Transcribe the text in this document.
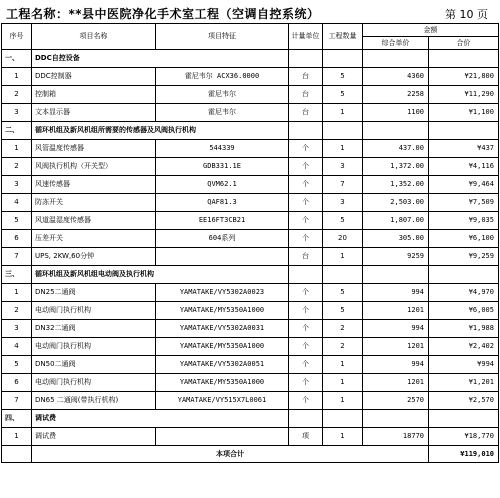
工程名称：**县中医院净化手术室工程（空调自控系统）	第 10 页
序号	项目名称	项目特征	计量单位	工程数量	金额	
					综合单价	合价
一、	DDC自控设备					
1	DDC控制器	霍尼韦尔 ACX36.0000	台	5	4360	¥21,800
2	控制箱	霍尼韦尔	台	5	2258	¥11,290
3	文本显示器	霍尼韦尔	台	1	1100	¥1,100
二、	循环机组及新风机组所需要的传感器及风阀执行机构					
1	风管温度传感器	544339	个	1	437.00	¥437
2	风阀执行机构（开关型）	GDB331.1E	个	3	1,372.00	¥4,116
3	风速传感器	QVM62.1	个	7	1,352.00	¥9,464
4	防冻开关	QAF81.3	个	3	2,503.00	¥7,509
5	风道温湿度传感器	EE16FT3CB21	个	5	1,807.00	¥9,035
6	压差开关	604系列	个	20	305.00	¥6,100
7	UPS, 2KW,60分钟		台	1	9259	¥9,259
三、	循环机组及新风机组电动阀及执行机构					
1	DN25二通阀	YAMATAKE/VY5302A0023	个	5	994	¥4,970
2	电动阀门执行机构	YAMATAKE/MY5350A1000	个	5	1201	¥6,005
3	DN32二通阀	YAMATAKE/VY5302A0031	个	2	994	¥1,988
4	电动阀门执行机构	YAMATAKE/MY5350A1000	个	2	1201	¥2,402
5	DN50二通阀	YAMATAKE/VY5302A0051	个	1	994	¥994
6	电动阀门执行机构	YAMATAKE/MY5350A1000	个	1	1201	¥1,201
7	DN65 二通阀(带执行机构)	YAMATAKE/VY515X7L0061	个	1	2570	¥2,570
四、	调试费					
1	调试费		项	1	18770	¥18,770
	本项合计					¥119,010
